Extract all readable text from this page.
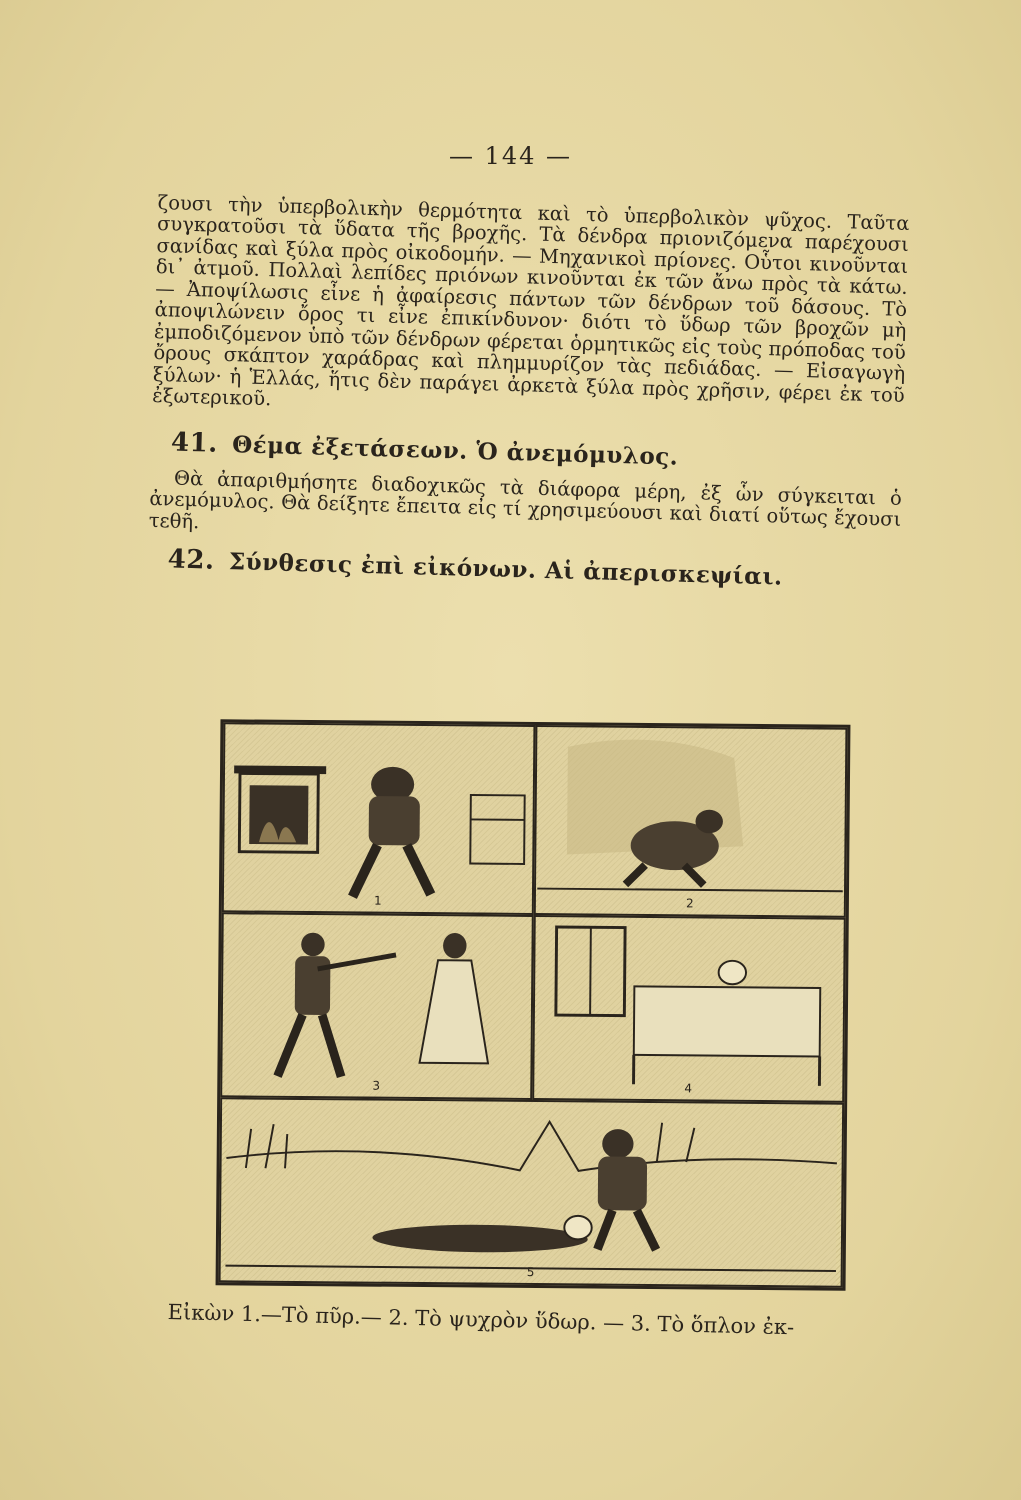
— 144 —

ζουσι τὴν ὑπερβολικὴν θερμότητα καὶ τὸ ὑπερβολικὸν ψῦχος. Ταῦτα συγκρατοῦσι τὰ ὕδατα τῆς βροχῆς. Τὰ δένδρα πριονιζόμενα παρέχουσι σανίδας καὶ ξύλα πρὸς οἰκοδομήν. — Μηχανικοὶ πρίονες. Οὗτοι κινοῦνται δι᾽ ἀτμοῦ. Πολλαὶ λεπίδες πριόνων κινοῦνται ἐκ τῶν ἄνω πρὸς τὰ κάτω. — Ἀποψίλωσις εἶνε ἡ ἀφαίρεσις πάντων τῶν δένδρων τοῦ δάσους. Τὸ ἀποψιλώνειν ὄρος τι εἶνε ἐπικίνδυνον· διότι τὸ ὕδωρ τῶν βροχῶν μὴ ἐμποδιζόμενον ὑπὸ τῶν δένδρων φέρεται ὁρμητικῶς εἰς τοὺς πρόποδας τοῦ ὄρους σκάπτον χαράδρας καὶ πλημμυρίζον τὰς πεδιάδας. — Εἰσαγωγὴ ξύλων· ἡ Ἑλλάς, ἥτις δὲν παράγει ἀρκετὰ ξύλα πρὸς χρῆσιν, φέρει ἐκ τοῦ ἐξωτερικοῦ.

41. Θέμα ἐξετάσεων. Ὁ ἀνεμόμυλος.

Θὰ ἀπαριθμήσητε διαδοχικῶς τὰ διάφορα μέρη, ἐξ ὧν σύγκειται ὁ ἀνεμόμυλος. Θὰ δείξητε ἔπειτα εἰς τί χρησιμεύουσι καὶ διατί οὕτως ἔχουσι τεθῆ.

42. Σύνθεσις ἐπὶ εἰκόνων. Αἱ ἀπερισκεψίαι.
1	2
3	4
5
Εἰκὼν 1.—Τὸ πῦρ.— 2. Τὸ ψυχρὸν ὕδωρ. — 3. Τὸ ὅπλον ἐκ-
